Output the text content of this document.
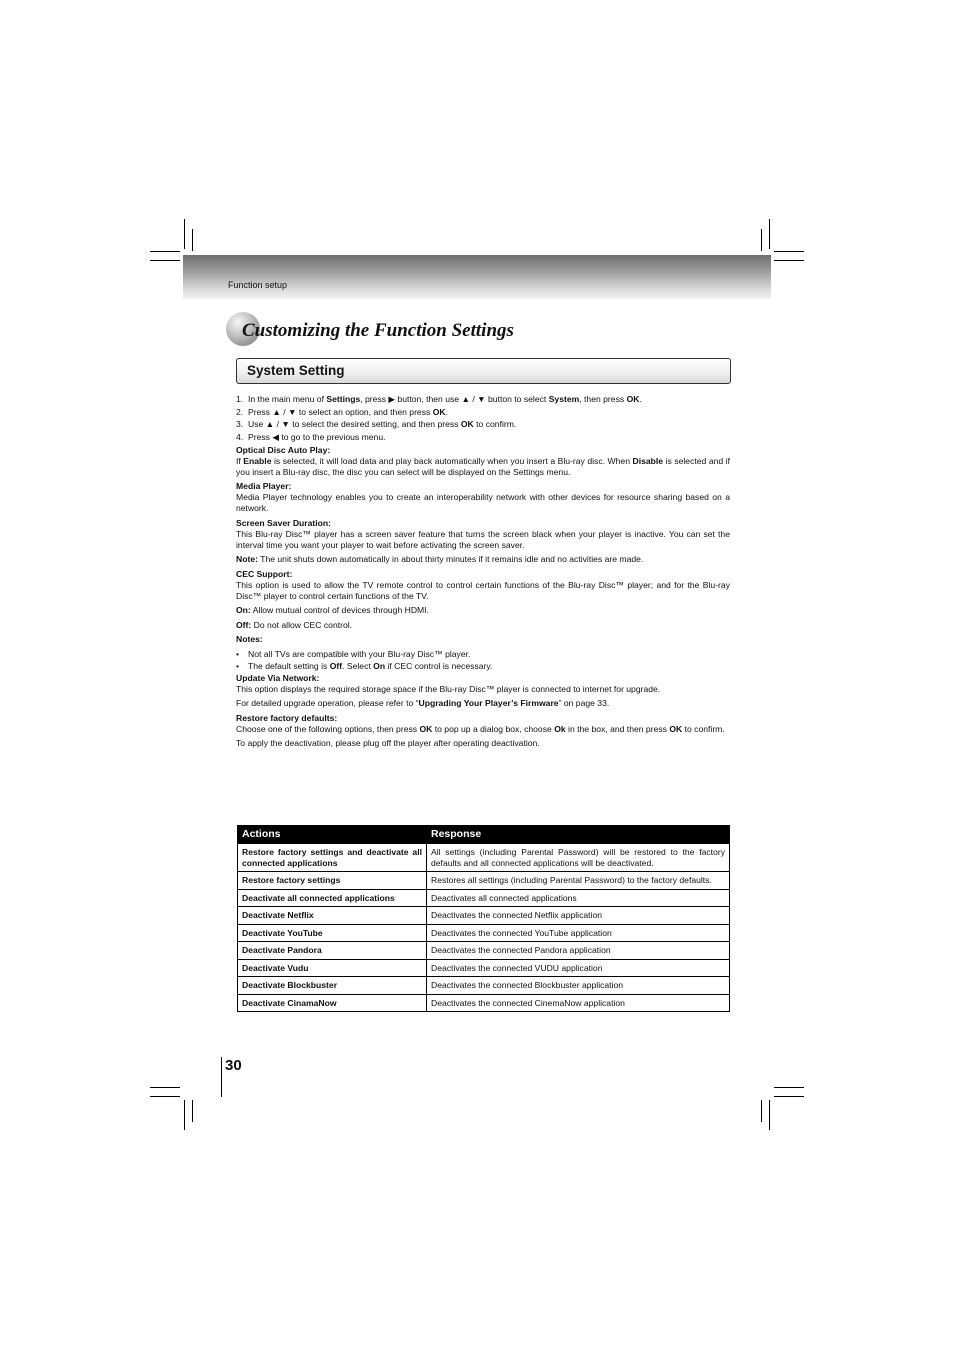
Function setup
Customizing the Function Settings
System Setting
1. In the main menu of Settings, press ▶ button, then use ▲ / ▼ button to select System, then press OK.
2. Press ▲ / ▼ to select an option, and then press OK.
3. Use ▲ / ▼ to select the desired setting, and then press OK to confirm.
4. Press ◀ to go to the previous menu.

Optical Disc Auto Play:

If Enable is selected, it will load data and play back automatically when you insert a Blu-ray disc. When Disable is selected and if you insert a Blu-ray disc, the disc you can select will be displayed on the Settings menu.

Media Player:

Media Player technology enables you to create an interoperability network with other devices for resource sharing based on a network.

Screen Saver Duration:

This Blu-ray Disc™ player has a screen saver feature that turns the screen black when your player is inactive. You can set the interval time you want your player to wait before activating the screen saver.

Note: The unit shuts down automatically in about thirty minutes if it remains idle and no activities are made.

CEC Support:

This option is used to allow the TV remote control to control certain functions of the Blu-ray Disc™ player; and for the Blu-ray Disc™ player to control certain functions of the TV.

On: Allow mutual control of devices through HDMI.

Off: Do not allow CEC control.

Notes:

•	Not all TVs are compatible with your Blu-ray Disc™ player.
•	The default setting is Off. Select On if CEC control is necessary.

Update Via Network:

This option displays the required storage space if the Blu-ray Disc™ player is connected to internet for upgrade.

For detailed upgrade operation, please refer to “Upgrading Your Player’s Firmware” on page 33.

Restore factory defaults:

Choose one of the following options, then press OK to pop up a dialog box, choose Ok in the box, and then press OK to confirm.

To apply the deactivation, please plug off the player after operating deactivation.

Actions	Response
Restore factory settings and deactivate all connected applications	All settings (including Parental Password) will be restored to the factory defaults and all connected applications will be deactivated.
Restore factory settings	Restores all settings (including Parental Password) to the factory defaults.
Deactivate all connected applications	Deactivates all connected applications
Deactivate Netflix	Deactivates the connected Netflix application
Deactivate YouTube	Deactivates the connected YouTube application
Deactivate Pandora	Deactivates the connected Pandora application
Deactivate Vudu	Deactivates the connected VUDU application
Deactivate Blockbuster	Deactivates the connected Blockbuster application
Deactivate CinamaNow	Deactivates the connected CinemaNow application
30
